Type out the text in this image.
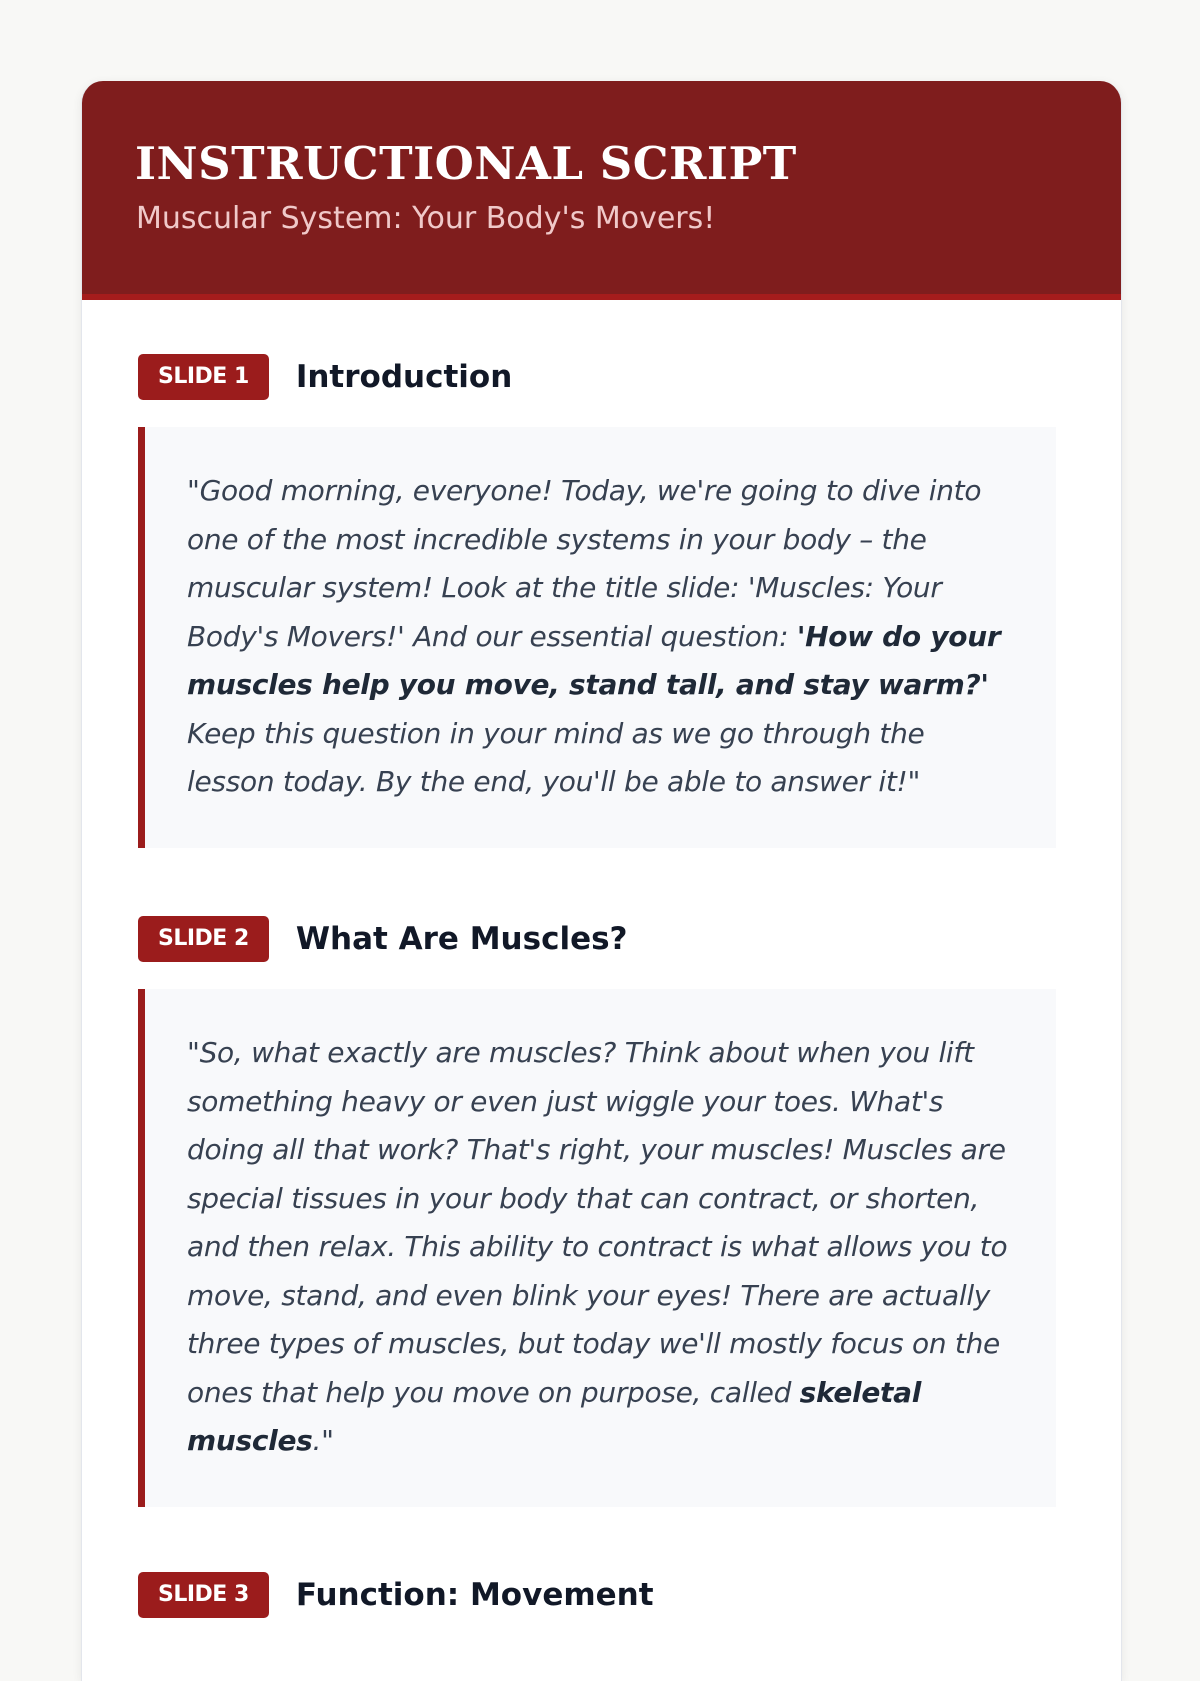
INSTRUCTIONAL SCRIPT
Muscular System: Your Body's Movers!
SLIDE 1	Introduction

"Good morning, everyone! Today, we're going to dive into one of the most incredible systems in your body – the muscular system! Look at the title slide: 'Muscles: Your Body's Movers!' And our essential question: 'How do your muscles help you move, stand tall, and stay warm?' Keep this question in your mind as we go through the lesson today. By the end, you'll be able to answer it!"

SLIDE 2	What Are Muscles?

"So, what exactly are muscles? Think about when you lift something heavy or even just wiggle your toes. What's doing all that work? That's right, your muscles! Muscles are special tissues in your body that can contract, or shorten, and then relax. This ability to contract is what allows you to move, stand, and even blink your eyes! There are actually three types of muscles, but today we'll mostly focus on the ones that help you move on purpose, called skeletal muscles."

SLIDE 3	Function: Movement
